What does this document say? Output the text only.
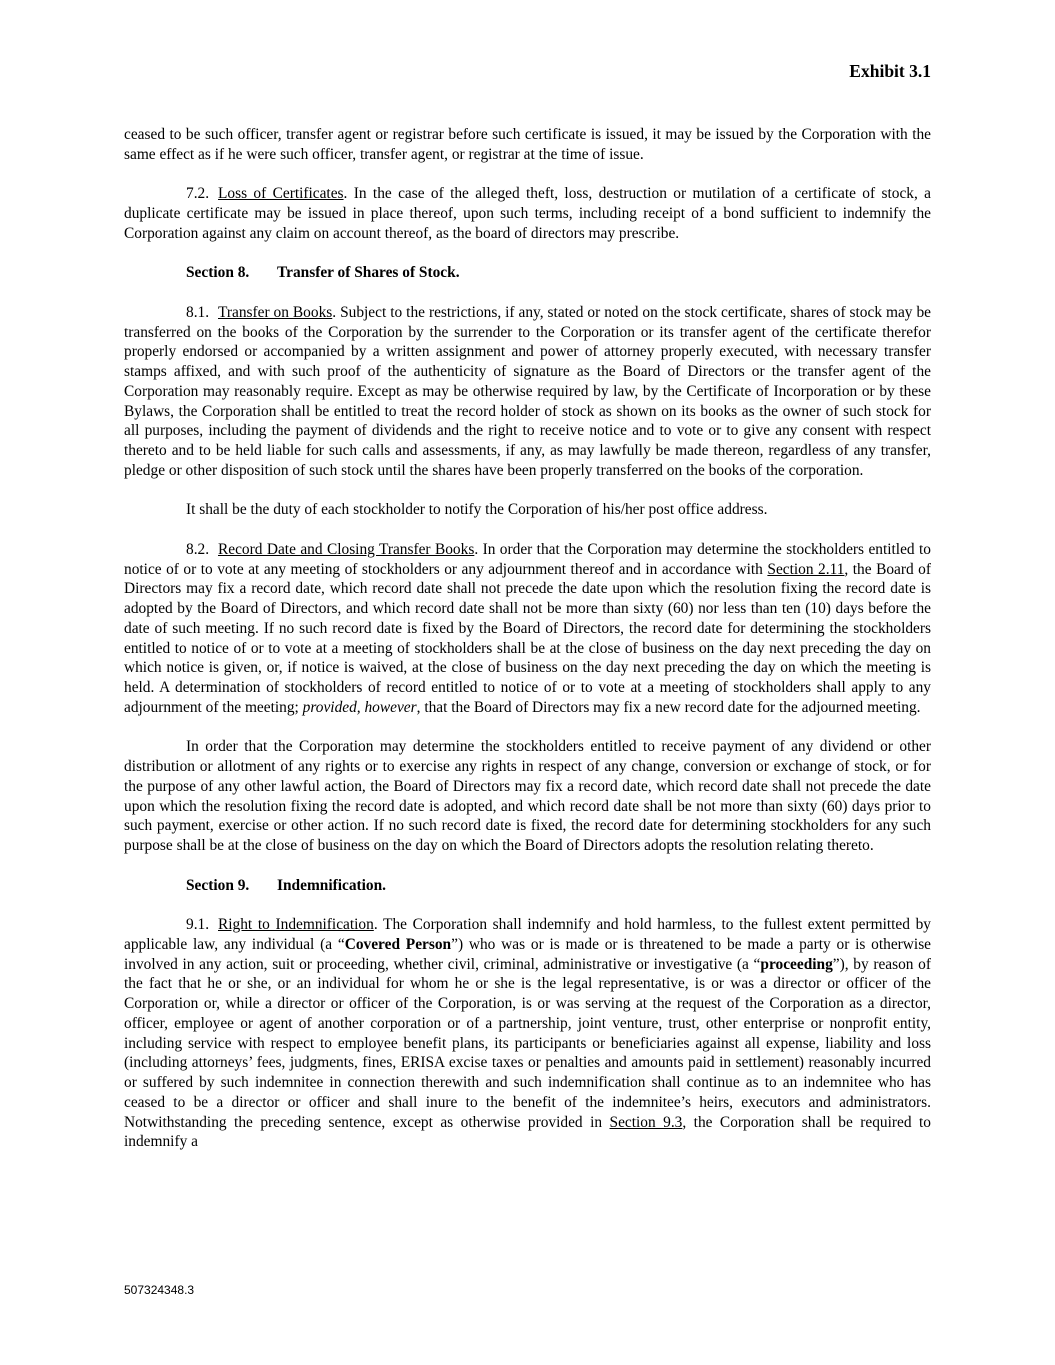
Exhibit 3.1

ceased to be such officer, transfer agent or registrar before such certificate is issued, it may be issued by the Corporation with the same effect as if he were such officer, transfer agent, or registrar at the time of issue.

7.2. Loss of Certificates. In the case of the alleged theft, loss, destruction or mutilation of a certificate of stock, a duplicate certificate may be issued in place thereof, upon such terms, including receipt of a bond sufficient to indemnify the Corporation against any claim on account thereof, as the board of directors may prescribe.

Section 8. Transfer of Shares of Stock.

8.1. Transfer on Books. Subject to the restrictions, if any, stated or noted on the stock certificate, shares of stock may be transferred on the books of the Corporation by the surrender to the Corporation or its transfer agent of the certificate therefor properly endorsed or accompanied by a written assignment and power of attorney properly executed, with necessary transfer stamps affixed, and with such proof of the authenticity of signature as the Board of Directors or the transfer agent of the Corporation may reasonably require. Except as may be otherwise required by law, by the Certificate of Incorporation or by these Bylaws, the Corporation shall be entitled to treat the record holder of stock as shown on its books as the owner of such stock for all purposes, including the payment of dividends and the right to receive notice and to vote or to give any consent with respect thereto and to be held liable for such calls and assessments, if any, as may lawfully be made thereon, regardless of any transfer, pledge or other disposition of such stock until the shares have been properly transferred on the books of the corporation.

It shall be the duty of each stockholder to notify the Corporation of his/her post office address.

8.2. Record Date and Closing Transfer Books. In order that the Corporation may determine the stockholders entitled to notice of or to vote at any meeting of stockholders or any adjournment thereof and in accordance with Section 2.11, the Board of Directors may fix a record date, which record date shall not precede the date upon which the resolution fixing the record date is adopted by the Board of Directors, and which record date shall not be more than sixty (60) nor less than ten (10) days before the date of such meeting. If no such record date is fixed by the Board of Directors, the record date for determining the stockholders entitled to notice of or to vote at a meeting of stockholders shall be at the close of business on the day next preceding the day on which notice is given, or, if notice is waived, at the close of business on the day next preceding the day on which the meeting is held. A determination of stockholders of record entitled to notice of or to vote at a meeting of stockholders shall apply to any adjournment of the meeting; provided, however, that the Board of Directors may fix a new record date for the adjourned meeting.

In order that the Corporation may determine the stockholders entitled to receive payment of any dividend or other distribution or allotment of any rights or to exercise any rights in respect of any change, conversion or exchange of stock, or for the purpose of any other lawful action, the Board of Directors may fix a record date, which record date shall not precede the date upon which the resolution fixing the record date is adopted, and which record date shall be not more than sixty (60) days prior to such payment, exercise or other action. If no such record date is fixed, the record date for determining stockholders for any such purpose shall be at the close of business on the day on which the Board of Directors adopts the resolution relating thereto.

Section 9. Indemnification.

9.1. Right to Indemnification. The Corporation shall indemnify and hold harmless, to the fullest extent permitted by applicable law, any individual (a “Covered Person”) who was or is made or is threatened to be made a party or is otherwise involved in any action, suit or proceeding, whether civil, criminal, administrative or investigative (a “proceeding”), by reason of the fact that he or she, or an individual for whom he or she is the legal representative, is or was a director or officer of the Corporation or, while a director or officer of the Corporation, is or was serving at the request of the Corporation as a director, officer, employee or agent of another corporation or of a partnership, joint venture, trust, other enterprise or nonprofit entity, including service with respect to employee benefit plans, its participants or beneficiaries against all expense, liability and loss (including attorneys’ fees, judgments, fines, ERISA excise taxes or penalties and amounts paid in settlement) reasonably incurred or suffered by such indemnitee in connection therewith and such indemnification shall continue as to an indemnitee who has ceased to be a director or officer and shall inure to the benefit of the indemnitee’s heirs, executors and administrators. Notwithstanding the preceding sentence, except as otherwise provided in Section 9.3, the Corporation shall be required to indemnify a

507324348.3
